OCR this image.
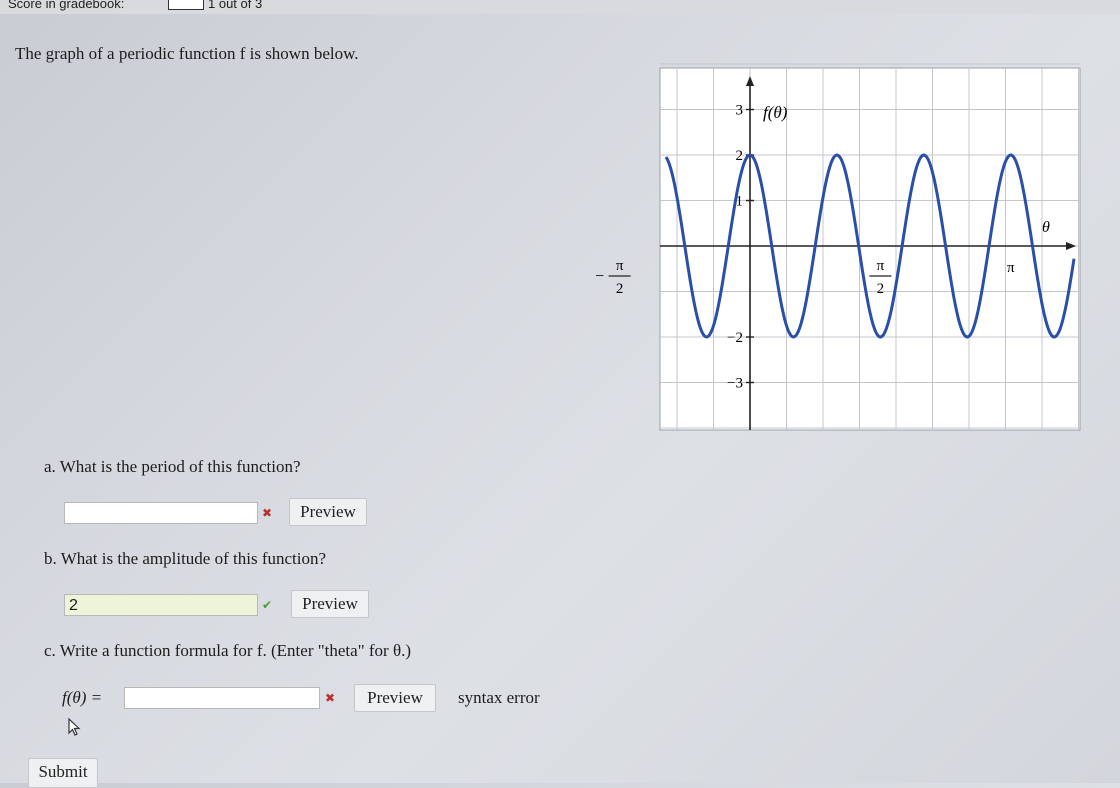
Score in gradebook:	1 out of 3
The graph of a periodic function f is shown below.
3
2
1
−2
−3
π
2
−
π
2
π
f(θ)
θ
a. What is the period of this function?
✖	Preview
b. What is the amplitude of this function?
2	✔	Preview
c. Write a function formula for f. (Enter "theta" for θ.)
f(θ) =	✖	Preview	syntax error
Submit
